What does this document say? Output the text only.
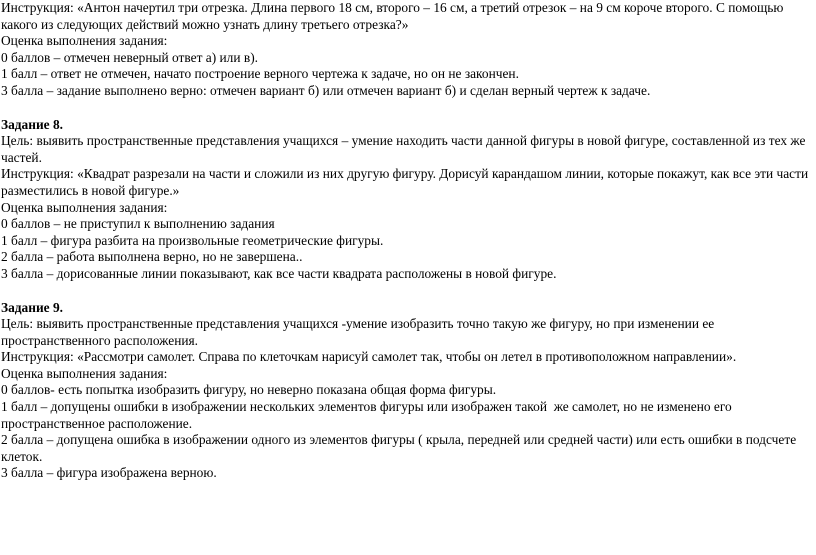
Инструкция: «Антон начертил три отрезка. Длина первого 18 см, второго – 16 см, а третий отрезок – на 9 см короче второго. С помощью какого из следующих действий можно узнать длину третьего отрезка?»
Оценка выполнения задания:
0 баллов – отмечен неверный ответ а) или в).
1 балл – ответ не отмечен, начато построение верного чертежа к задаче, но он не закончен.
3 балла – задание выполнено верно: отмечен вариант б) или отмечен вариант б) и сделан верный чертеж к задаче.
Задание 8.
Цель: выявить пространственные представления учащихся – умение находить части данной фигуры в новой фигуре, составленной из тех же частей.
Инструкция: «Квадрат разрезали на части и сложили из них другую фигуру. Дорисуй карандашом линии, которые покажут, как все эти части разместились в новой фигуре.»
Оценка выполнения задания:
0 баллов – не приступил к выполнению задания
1 балл – фигура разбита на произвольные геометрические фигуры.
2 балла – работа выполнена верно, но не завершена..
3 балла – дорисованные линии показывают, как все части квадрата расположены в новой фигуре.
Задание 9.
Цель: выявить пространственные представления учащихся -умение изобразить точно такую же фигуру, но при изменении ее пространственного расположения.
Инструкция: «Рассмотри самолет. Справа по клеточкам нарисуй самолет так, чтобы он летел в противоположном направлении».
Оценка выполнения задания:
0 баллов- есть попытка изобразить фигуру, но неверно показана общая форма фигуры.
1 балл – допущены ошибки в изображении нескольких элементов фигуры или изображен такой  же самолет, но не изменено его пространственное расположение.
2 балла – допущена ошибка в изображении одного из элементов фигуры ( крыла, передней или средней части) или есть ошибки в подсчете клеток.
3 балла – фигура изображена верною.
